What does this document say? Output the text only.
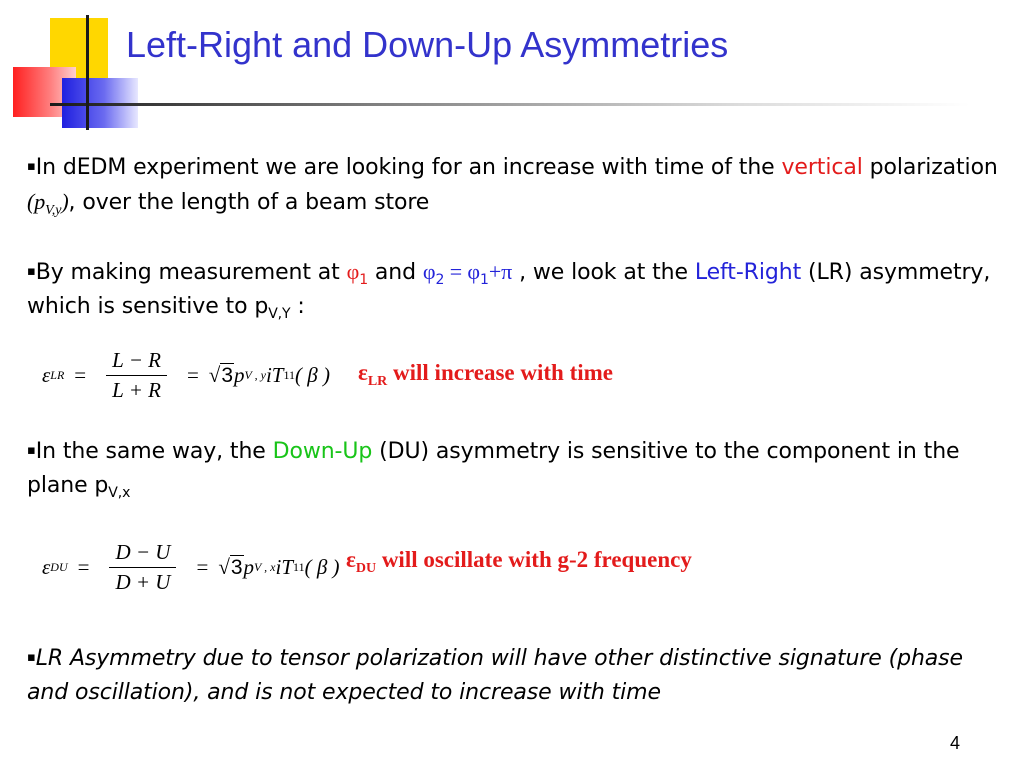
Left-Right and Down-Up Asymmetries

▪In dEDM experiment we are looking for an increase with time of the vertical polarization $(p_{V,y})$, over the length of a beam store

▪By making measurement at $\varphi_1$ and $\varphi_2 = \varphi_1+\pi$ , we look at the Left-Right (LR) asymmetry, which is sensitive to $p_{V,Y}$ :

ε LR = $\frac{L - R}{L + R}$ = √ 3 p V , y iT 11 ( β ) $\varepsilon_{LR}$ will increase with time

▪In the same way, the Down-Up (DU) asymmetry is sensitive to the component in the plane $p_{V,x}$

ε DU = $\frac{D - U}{D + U}$ = √ 3 p V , x iT 11 ( β ) $\varepsilon_{DU}$ will oscillate with g-2 frequency

▪LR Asymmetry due to tensor polarization will have other distinctive signature (phase and oscillation), and is not expected to increase with time

4
